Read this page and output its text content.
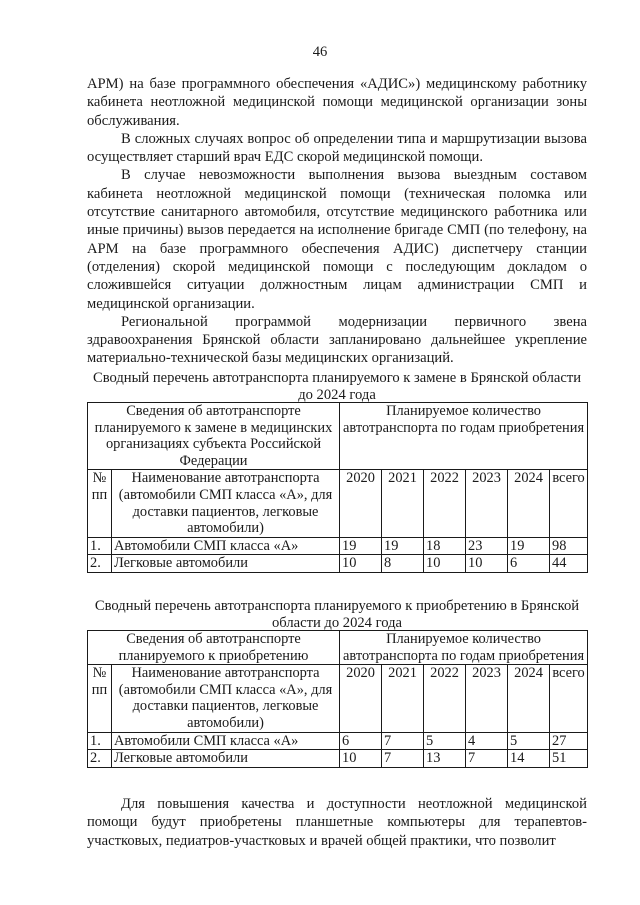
46

АРМ) на базе программного обеспечения «АДИС») медицинскому работнику кабинета неотложной медицинской помощи медицинской организации зоны обслуживания.

В сложных случаях вопрос об определении типа и маршрутизации вызова осуществляет старший врач ЕДС скорой медицинской помощи.

В случае невозможности выполнения вызова выездным составом кабинета неотложной медицинской помощи (техническая поломка или отсутствие санитарного автомобиля, отсутствие медицинского работника или иные причины) вызов передается на исполнение бригаде СМП (по телефону, на АРМ на базе программного обеспечения АДИС) диспетчеру станции (отделения) скорой медицинской помощи с последующим докладом о сложившейся ситуации должностным лицам администрации СМП и медицинской организации.

Региональной программой модернизации первичного звена здравоохранения Брянской области запланировано дальнейшее укрепление материально-технической базы медицинских организаций.

Сводный перечень автотранспорта планируемого к замене в Брянской области до 2024 года

Сведения об автотранспорте планируемого к замене в медицинских организациях субъекта Российской Федерации		Планируемое количество автотранспорта по годам приобретения					
№ пп	Наименование автотранспорта (автомобили СМП класса «А», для доставки пациентов, легковые автомобили)	2020	2021	2022	2023	2024	всего
1.	Автомобили СМП класса «А»	19	19	18	23	19	98
2.	Легковые автомобили	10	8	10	10	6	44

Сводный перечень автотранспорта планируемого к приобретению в Брянской области до 2024 года

Сведения об автотранспорте планируемого к приобретению		Планируемое количество автотранспорта по годам приобретения					
№ пп	Наименование автотранспорта (автомобили СМП класса «А», для доставки пациентов, легковые автомобили)	2020	2021	2022	2023	2024	всего
1.	Автомобили СМП класса «А»	6	7	5	4	5	27
2.	Легковые автомобили	10	7	13	7	14	51

Для повышения качества и доступности неотложной медицинской помощи будут приобретены планшетные компьютеры для терапевтов-участковых, педиатров-участковых и врачей общей практики, что позволит
